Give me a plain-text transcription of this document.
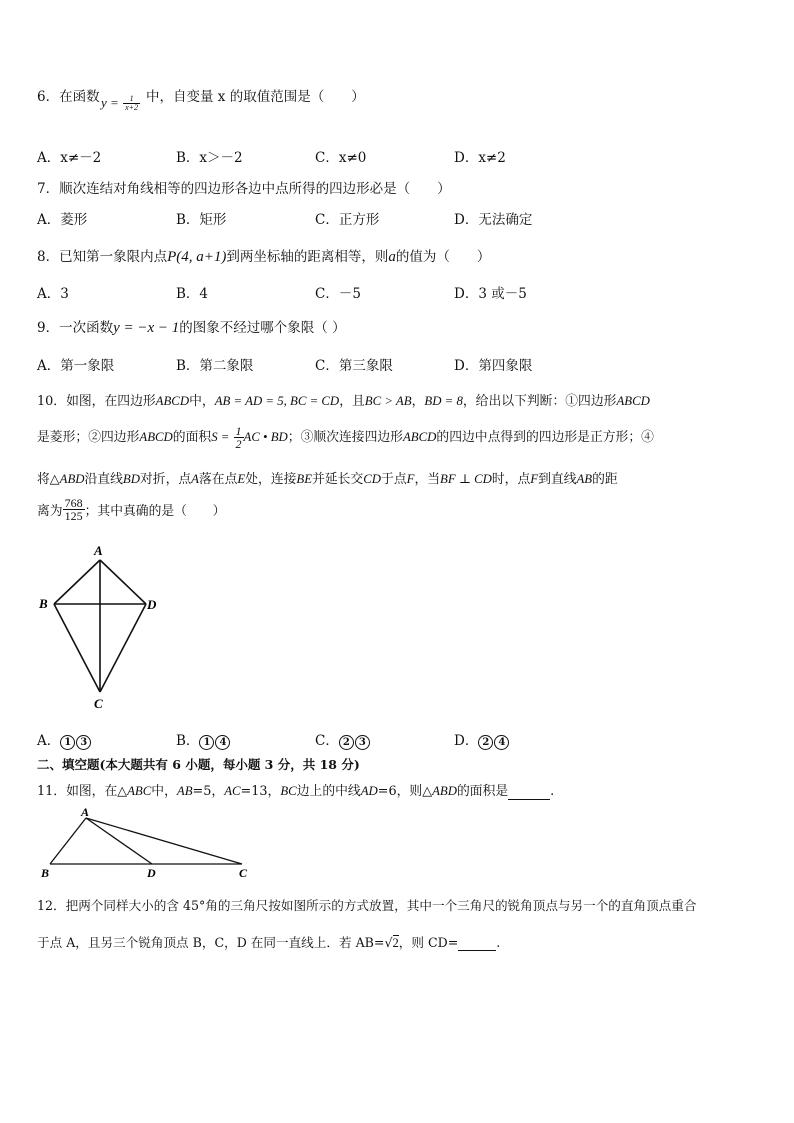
6．在函数 $y = \frac{1}{x+2}$ 中，自变量 x 的取值范围是（　　）
A．x≠－2	B．x＞－2	C．x≠0	D．x≠2
7．顺次连结对角线相等的四边形各边中点所得的四边形必是（　　）
A．菱形	B．矩形	C．正方形	D．无法确定
8．已知第一象限内点P(4, a+1)到两坐标轴的距离相等，则a的值为（　　）
A．3	B．4	C．－5	D．3 或－5
9．一次函数y = −x − 1的图象不经过哪个象限（ ）
A．第一象限	B．第二象限	C．第三象限	D．第四象限
10．如图，在四边形ABCD中，AB = AD = 5, BC = CD，且BC > AB，BD = 8，给出以下判断：①四边形ABCD
是菱形；②四边形ABCD的面积$S = \frac{1}{2}$ AC • BD；③顺次连接四边形ABCD的四边中点得到的四边形是正方形；④
将△ABD沿直线BD对折，点A落在点E处，连接BE并延长交CD于点F，当BF ⊥ CD时，点F到直线AB的距
离为 $\frac{768}{125}$ ；其中真确的是（　　）
A
B	D
C
A． 1 3	B． 1 4	C． 2 3	D． 2 4
二、填空题(本大题共有 6 小题，每小题 3 分，共 18 分)
11．如图，在△ABC中，AB=5，AC=13，BC边上的中线AD=6，则△ABD的面积是	.
A
B	D	C
12．把两个同样大小的含 45°角的三角尺按如图所示的方式放置，其中一个三角尺的锐角顶点与另一个的直角顶点重合
于点 A，且另三个锐角顶点 B，C，D 在同一直线上．若 AB=√2，则 CD=	.
